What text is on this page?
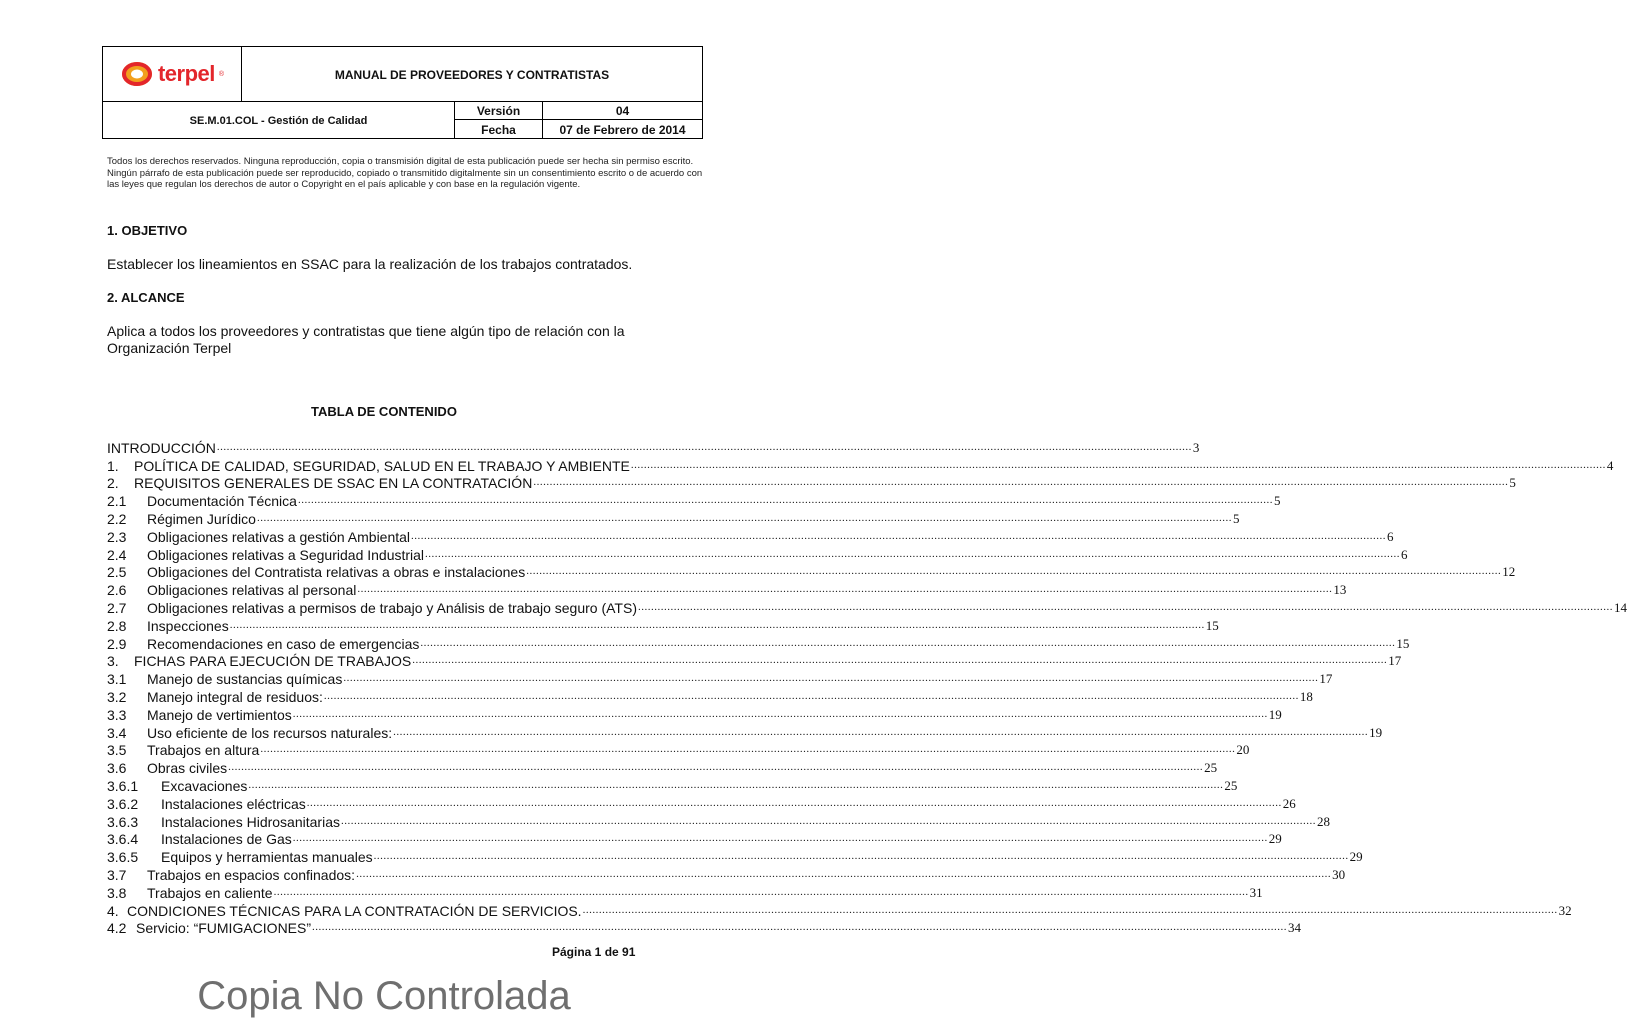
terpel ®	MANUAL DE PROVEEDORES Y CONTRATISTAS
SE.M.01.COL - Gestión de Calidad
Versión	04
Fecha	07 de Febrero de 2014

Todos los derechos reservados. Ninguna reproducción, copia o transmisión digital de esta publicación puede ser hecha sin permiso escrito.

Ningún párrafo de esta publicación puede ser reproducido, copiado o transmitido digitalmente sin un consentimiento escrito o de acuerdo con las leyes que regulan los derechos de autor o Copyright en el país aplicable y con base en la regulación vigente.

1. OBJETIVO
Establecer los lineamientos en SSAC para la realización de los trabajos contratados.
2. ALCANCE
Aplica a todos los proveedores y contratistas que tiene algún tipo de relación con la Organización Terpel
TABLA DE CONTENIDO
INTRODUCCIÓN ............................................................................................................................................................................................................................................................................................................ 3
1.	POLÍTICA DE CALIDAD, SEGURIDAD, SALUD EN EL TRABAJO Y AMBIENTE ............................................................................................................................................................................................................................................................................................................ 4
2.	REQUISITOS GENERALES DE SSAC EN LA CONTRATACIÓN ............................................................................................................................................................................................................................................................................................................ 5
2.1	Documentación Técnica ............................................................................................................................................................................................................................................................................................................ 5
2.2	Régimen Jurídico ............................................................................................................................................................................................................................................................................................................ 5
2.3	Obligaciones relativas a gestión Ambiental ............................................................................................................................................................................................................................................................................................................ 6
2.4	Obligaciones relativas a Seguridad Industrial ............................................................................................................................................................................................................................................................................................................ 6
2.5	Obligaciones del Contratista relativas a obras e instalaciones ............................................................................................................................................................................................................................................................................................................ 12
2.6	Obligaciones relativas al personal ............................................................................................................................................................................................................................................................................................................ 13
2.7	Obligaciones relativas a permisos de trabajo y Análisis de trabajo seguro (ATS) ............................................................................................................................................................................................................................................................................................................ 14
2.8	Inspecciones ............................................................................................................................................................................................................................................................................................................ 15
2.9	Recomendaciones en caso de emergencias ............................................................................................................................................................................................................................................................................................................ 15
3.	FICHAS PARA EJECUCIÓN DE TRABAJOS ............................................................................................................................................................................................................................................................................................................ 17
3.1	Manejo de sustancias químicas ............................................................................................................................................................................................................................................................................................................ 17
3.2	Manejo integral de residuos: ............................................................................................................................................................................................................................................................................................................ 18
3.3	Manejo de vertimientos ............................................................................................................................................................................................................................................................................................................ 19
3.4	Uso eficiente de los recursos naturales: ............................................................................................................................................................................................................................................................................................................ 19
3.5	Trabajos en altura ............................................................................................................................................................................................................................................................................................................ 20
3.6	Obras civiles ............................................................................................................................................................................................................................................................................................................ 25
3.6.1	Excavaciones ............................................................................................................................................................................................................................................................................................................ 25
3.6.2	Instalaciones eléctricas ............................................................................................................................................................................................................................................................................................................ 26
3.6.3	Instalaciones Hidrosanitarias ............................................................................................................................................................................................................................................................................................................ 28
3.6.4	Instalaciones de Gas ............................................................................................................................................................................................................................................................................................................ 29
3.6.5	Equipos y herramientas manuales ............................................................................................................................................................................................................................................................................................................ 29
3.7	Trabajos en espacios confinados: ............................................................................................................................................................................................................................................................................................................ 30
3.8	Trabajos en caliente ............................................................................................................................................................................................................................................................................................................ 31
4. CONDICIONES TÉCNICAS PARA LA CONTRATACIÓN DE SERVICIOS. ............................................................................................................................................................................................................................................................................................................ 32
4.2 Servicio: “FUMIGACIONES” ............................................................................................................................................................................................................................................................................................................ 34
Página 1 de 91
Copia No Controlada
